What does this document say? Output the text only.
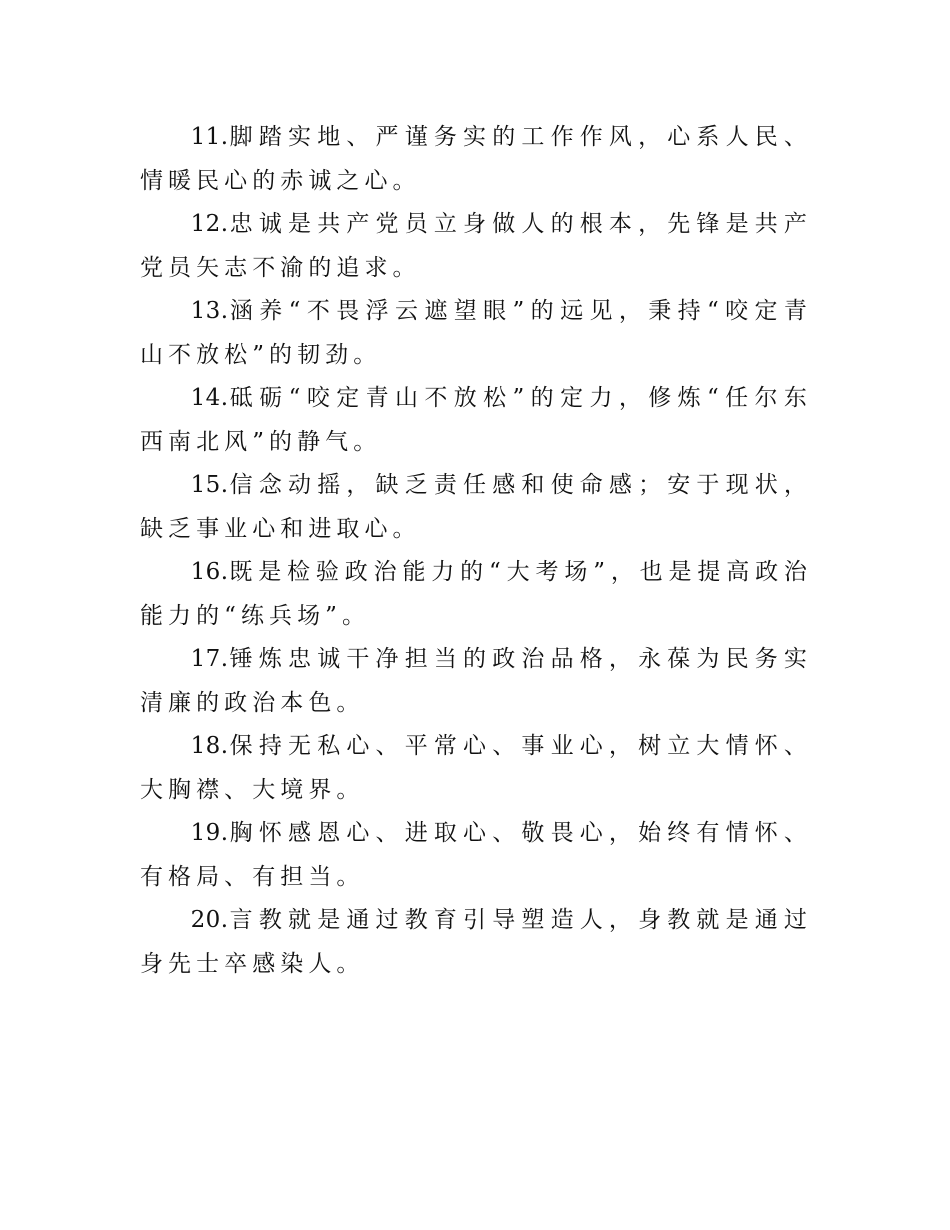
11.脚踏实地、严谨务实的工作作风，心系人民、情暖民心的赤诚之心。

12.忠诚是共产党员立身做人的根本，先锋是共产党员矢志不渝的追求。

13.涵养“不畏浮云遮望眼”的远见，秉持“咬定青山不放松”的韧劲。

14.砥砺“咬定青山不放松”的定力，修炼“任尔东西南北风”的静气。

15.信念动摇，缺乏责任感和使命感；安于现状，缺乏事业心和进取心。

16.既是检验政治能力的“大考场”，也是提高政治能力的“练兵场”。

17.锤炼忠诚干净担当的政治品格，永葆为民务实清廉的政治本色。

18.保持无私心、平常心、事业心，树立大情怀、大胸襟、大境界。

19.胸怀感恩心、进取心、敬畏心，始终有情怀、有格局、有担当。

20.言教就是通过教育引导塑造人，身教就是通过身先士卒感染人。
